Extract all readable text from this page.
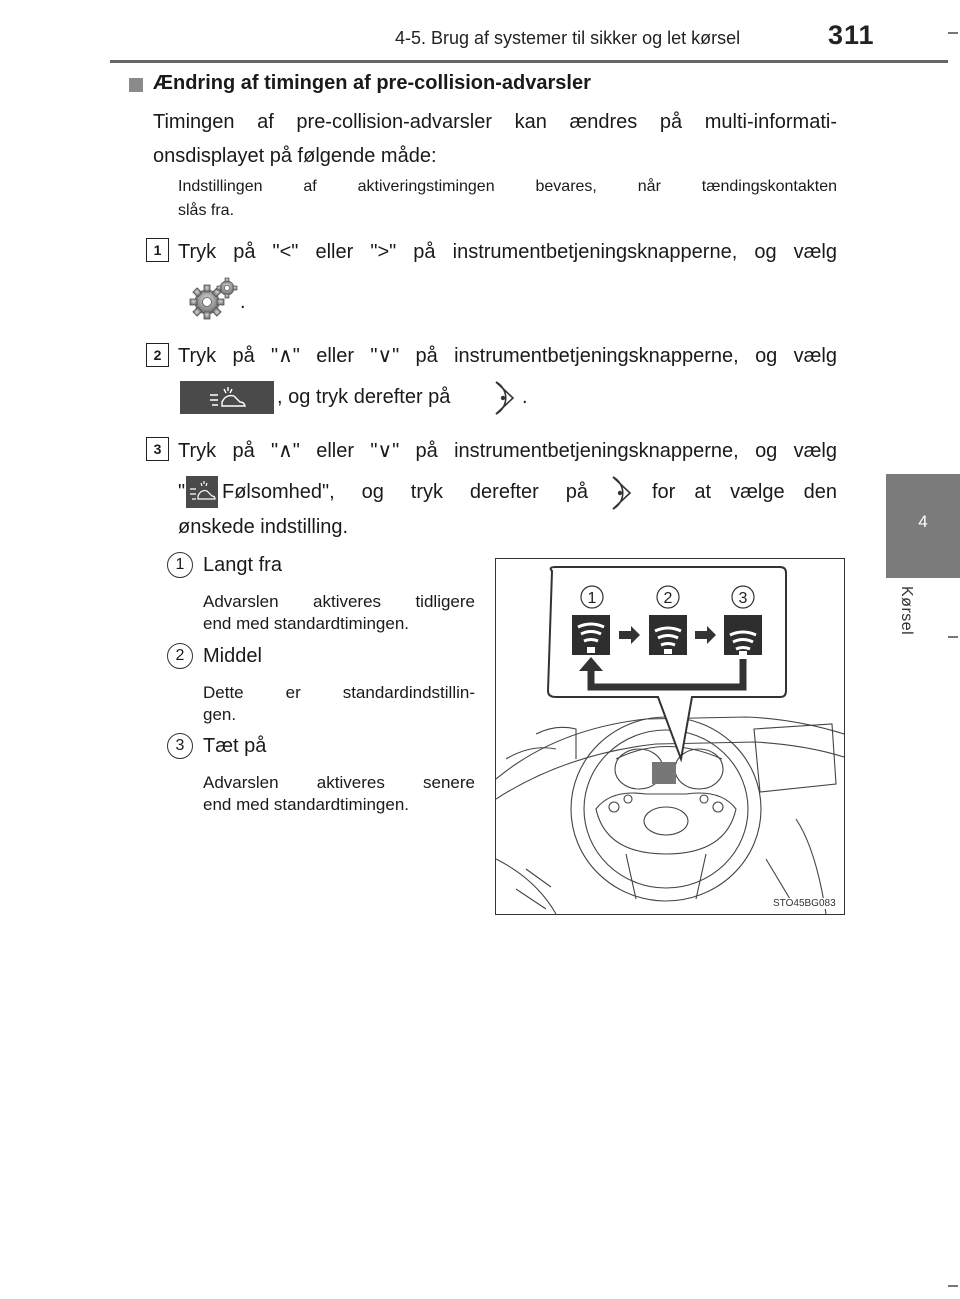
4-5. Brug af systemer til sikker og let kørsel	311
4
Kørsel
Ændring af timingen af pre-collision-advarsler
Timingen af pre-collision-advarsler kan ændres på multi-informati-
onsdisplayet på følgende måde:
Indstillingen af aktiveringstimingen bevares, når tændingskontakten
slås fra.
1 Tryk på "<" eller ">" på instrumentbetjeningsknapperne, og vælg
.
2 Tryk på "∧" eller "∨" på instrumentbetjeningsknapperne, og vælg
, og tryk derefter på	.
3 Tryk på "∧" eller "∨" på instrumentbetjeningsknapperne, og vælg
" Følsomhed", og tryk derefter på	for at vælge den
ønskede indstilling.
1 Langt fra
Advarslen aktiveres tidligere
end med standardtimingen.
2 Middel
Dette er standardindstillin-
gen.
3 Tæt på
Advarslen aktiveres senere
end med standardtimingen.
1	2	3
STO45BG083
